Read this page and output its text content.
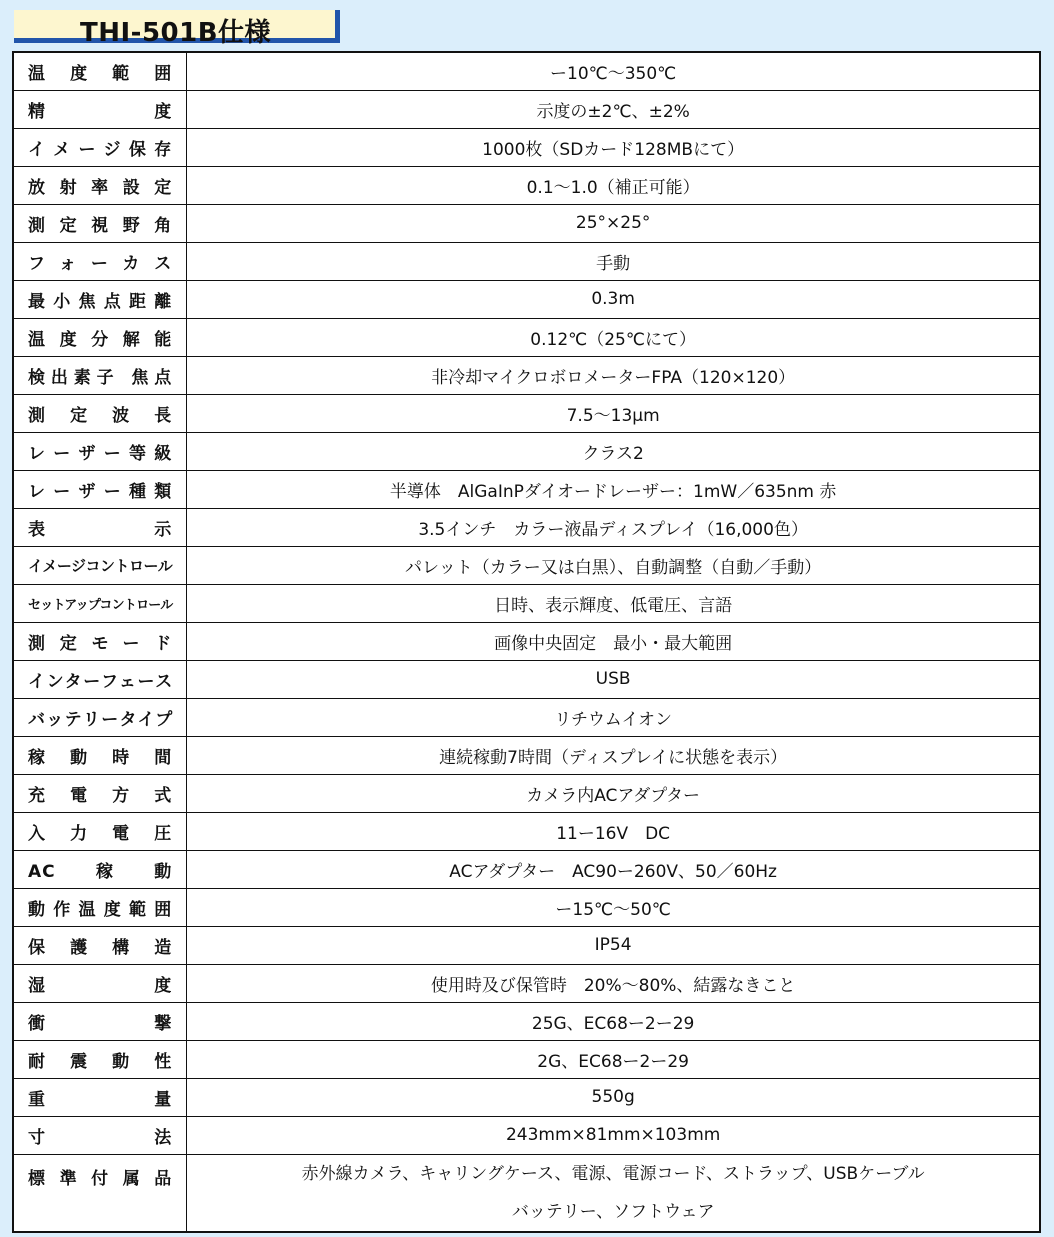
THI-501B仕様
温度範囲	ー10℃〜350℃
精度	示度の±2℃、±2%
イメージ保存	1000枚（SDカード128MBにて）
放射率設定	0.1〜1.0（補正可能）
測定視野角	25°×25°
フォーカス	手動
最小焦点距離	0.3m
温度分解能	0.12℃（25℃にて）
検出素子 焦点	非冷却マイクロボロメーターFPA（120×120）
測定波長	7.5〜13μm
レーザー等級	クラス2
レーザー種類	半導体　AlGaInPダイオードレーザー：1mW／635nm 赤
表示	3.5インチ　カラー液晶ディスプレイ（16,000色）
イメージコントロール	パレット（カラー又は白黒）、自動調整（自動／手動）
セットアップコントロール	日時、表示輝度、低電圧、言語
測定モード	画像中央固定　最小・最大範囲
インターフェース	USB
バッテリータイプ	リチウムイオン
稼動時間	連続稼動7時間（ディスプレイに状態を表示）
充電方式	カメラ内ACアダプター
入力電圧	11ー16V　DC
AC稼動	ACアダプター　AC90ー260V、50／60Hz
動作温度範囲	ー15℃〜50℃
保護構造	IP54
湿度	使用時及び保管時　20%〜80%、結露なきこと
衝撃	25G、EC68ー2ー29
耐震動性	2G、EC68ー2ー29
重量	550g
寸法	243mm×81mm×103mm
標準付属品	赤外線カメラ、キャリングケース、電源、電源コード、ストラップ、USBケーブル
バッテリー、ソフトウェア
